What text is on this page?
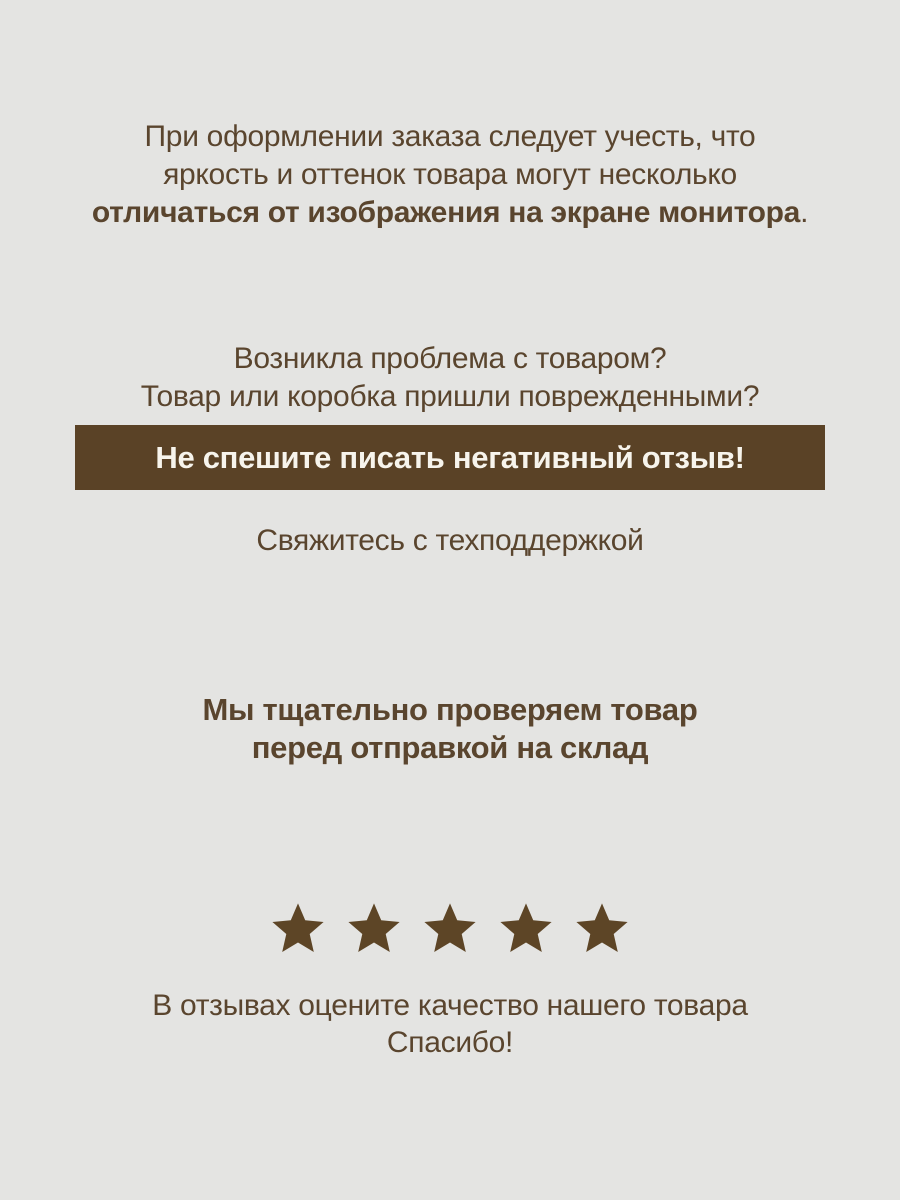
При оформлении заказа следует учесть, что
яркость и оттенок товара могут несколько
отличаться от изображения на экране монитора.
Возникла проблема с товаром?
Товар или коробка пришли поврежденными?
Не спешите писать негативный отзыв!
Свяжитесь с техподдержкой
Мы тщательно проверяем товар
перед отправкой на склад
В отзывах оцените качество нашего товара
Спасибо!
